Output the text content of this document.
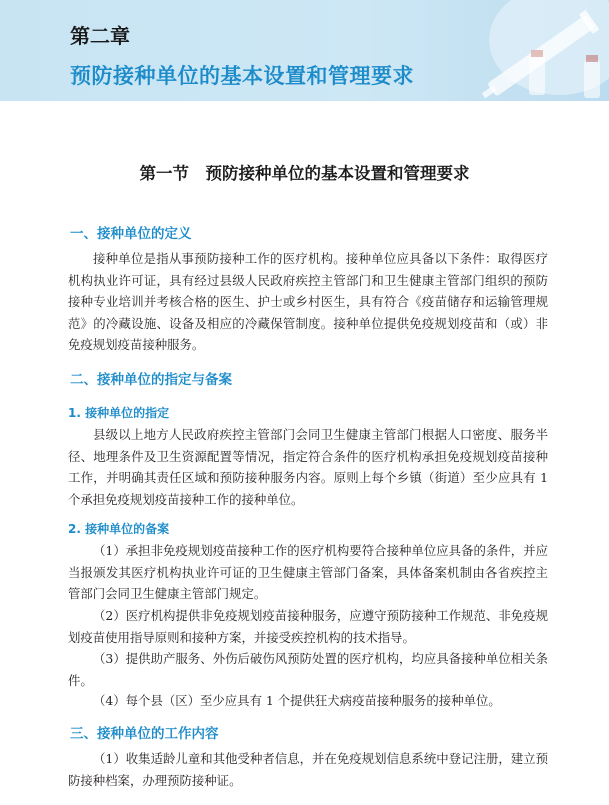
第二章
预防接种单位的基本设置和管理要求
第一节　预防接种单位的基本设置和管理要求
一、接种单位的定义

接种单位是指从事预防接种工作的医疗机构。接种单位应具备以下条件：取得医疗机构执业许可证，具有经过县级人民政府疾控主管部门和卫生健康主管部门组织的预防接种专业培训并考核合格的医生、护士或乡村医生，具有符合《疫苗储存和运输管理规范》的冷藏设施、设备及相应的冷藏保管制度。接种单位提供免疫规划疫苗和（或）非免疫规划疫苗接种服务。

二、接种单位的指定与备案
1. 接种单位的指定

县级以上地方人民政府疾控主管部门会同卫生健康主管部门根据人口密度、服务半径、地理条件及卫生资源配置等情况，指定符合条件的医疗机构承担免疫规划疫苗接种工作，并明确其责任区域和预防接种服务内容。原则上每个乡镇（街道）至少应具有 1 个承担免疫规划疫苗接种工作的接种单位。

2. 接种单位的备案

（1）承担非免疫规划疫苗接种工作的医疗机构要符合接种单位应具备的条件，并应当报颁发其医疗机构执业许可证的卫生健康主管部门备案，具体备案机制由各省疾控主管部门会同卫生健康主管部门规定。

（2）医疗机构提供非免疫规划疫苗接种服务，应遵守预防接种工作规范、非免疫规划疫苗使用指导原则和接种方案，并接受疾控机构的技术指导。

（3）提供助产服务、外伤后破伤风预防处置的医疗机构，均应具备接种单位相关条件。

（4）每个县（区）至少应具有 1 个提供狂犬病疫苗接种服务的接种单位。

三、接种单位的工作内容

（1）收集适龄儿童和其他受种者信息，并在免疫规划信息系统中登记注册，建立预防接种档案，办理预防接种证。
